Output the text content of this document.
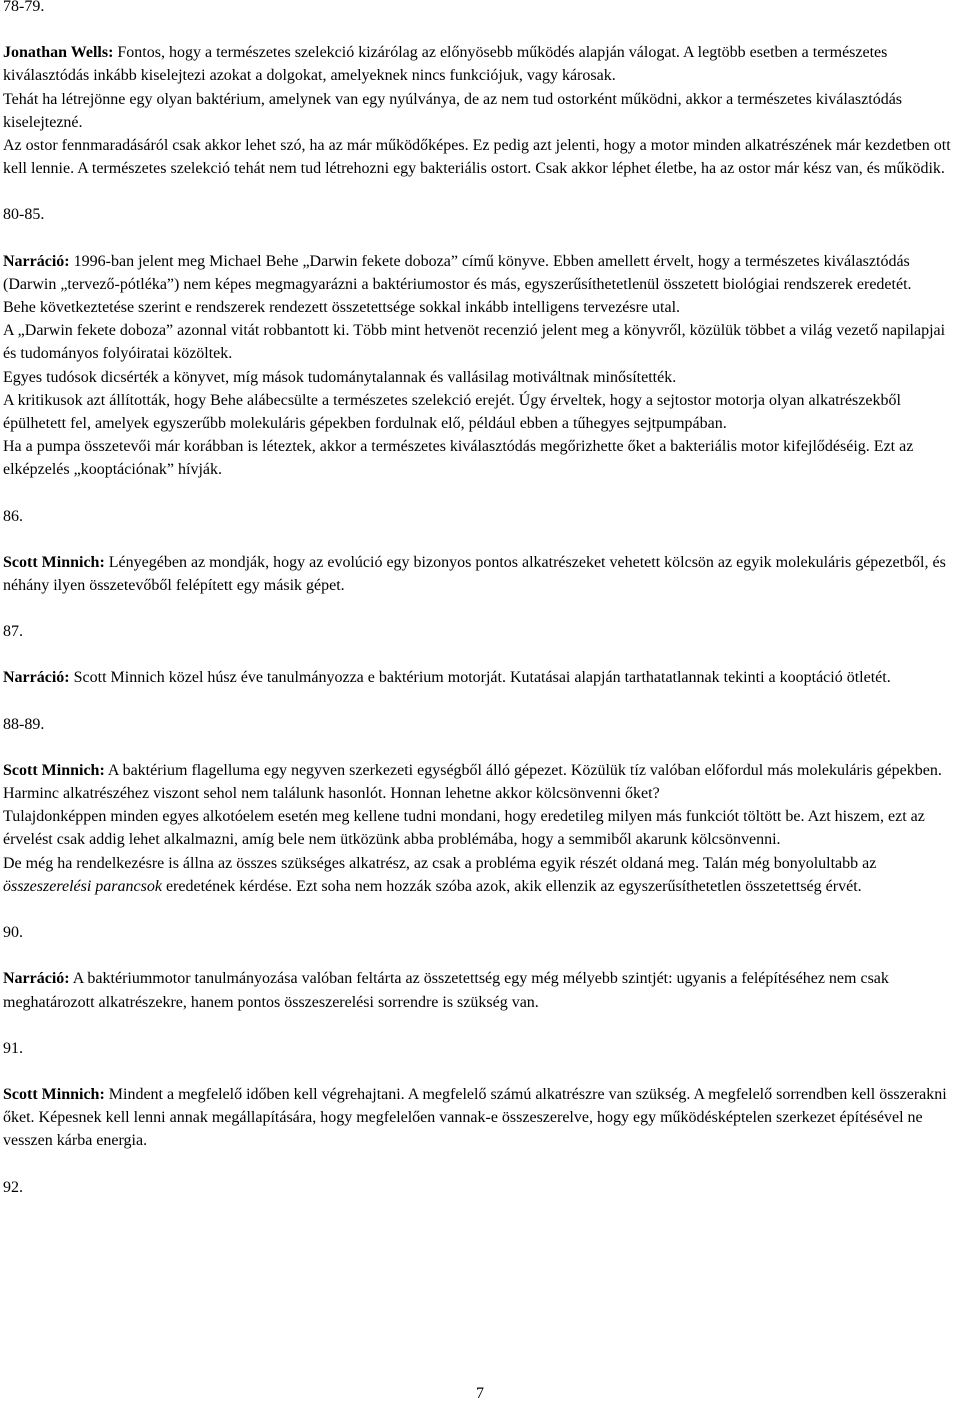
78-79.

Jonathan Wells: Fontos, hogy a természetes szelekció kizárólag az előnyösebb működés alapján válogat. A legtöbb esetben a természetes kiválasztódás inkább kiselejtezi azokat a dolgokat, amelyeknek nincs funkciójuk, vagy károsak.

Tehát ha létrejönne egy olyan baktérium, amelynek van egy nyúlványa, de az nem tud ostorként működni, akkor a természetes kiválasztódás kiselejtezné.

Az ostor fennmaradásáról csak akkor lehet szó, ha az már működőképes. Ez pedig azt jelenti, hogy a motor minden alkatrészének már kezdetben ott kell lennie. A természetes szelekció tehát nem tud létrehozni egy bakteriális ostort. Csak akkor léphet életbe, ha az ostor már kész van, és működik.

80-85.

Narráció: 1996-ban jelent meg Michael Behe „Darwin fekete doboza” című könyve. Ebben amellett érvelt, hogy a természetes kiválasztódás (Darwin „tervező-pótléka”) nem képes megmagyarázni a baktériumostor és más, egyszerűsíthetetlenül összetett biológiai rendszerek eredetét.

Behe következtetése szerint e rendszerek rendezett összetettsége sokkal inkább intelligens tervezésre utal.

A „Darwin fekete doboza” azonnal vitát robbantott ki. Több mint hetvenöt recenzió jelent meg a könyvről, közülük többet a világ vezető napilapjai és tudományos folyóiratai közöltek.

Egyes tudósok dicsérték a könyvet, míg mások tudománytalannak és vallásilag motiváltnak minősítették.

A kritikusok azt állították, hogy Behe alábecsülte a természetes szelekció erejét. Úgy érveltek, hogy a sejtostor motorja olyan alkatrészekből épülhetett fel, amelyek egyszerűbb molekuláris gépekben fordulnak elő, például ebben a tűhegyes sejtpumpában.

Ha a pumpa összetevői már korábban is léteztek, akkor a természetes kiválasztódás megőrizhette őket a bakteriális motor kifejlődéséig. Ezt az elképzelés „kooptációnak” hívják.

86.

Scott Minnich: Lényegében az mondják, hogy az evolúció egy bizonyos pontos alkatrészeket vehetett kölcsön az egyik molekuláris gépezetből, és néhány ilyen összetevőből felépített egy másik gépet.

87.

Narráció: Scott Minnich közel húsz éve tanulmányozza e baktérium motorját. Kutatásai alapján tarthatatlannak tekinti a kooptáció ötletét.

88-89.

Scott Minnich: A baktérium flagelluma egy negyven szerkezeti egységből álló gépezet. Közülük tíz valóban előfordul más molekuláris gépekben. Harminc alkatrészéhez viszont sehol nem találunk hasonlót. Honnan lehetne akkor kölcsönvenni őket?

Tulajdonképpen minden egyes alkotóelem esetén meg kellene tudni mondani, hogy eredetileg milyen más funkciót töltött be. Azt hiszem, ezt az érvelést csak addig lehet alkalmazni, amíg bele nem ütközünk abba problémába, hogy a semmiből akarunk kölcsönvenni.

De még ha rendelkezésre is állna az összes szükséges alkatrész, az csak a probléma egyik részét oldaná meg. Talán még bonyolultabb az összeszerelési parancsok eredetének kérdése. Ezt soha nem hozzák szóba azok, akik ellenzik az egyszerűsíthetetlen összetettség érvét.

90.

Narráció: A baktériummotor tanulmányozása valóban feltárta az összetettség egy még mélyebb szintjét: ugyanis a felépítéséhez nem csak meghatározott alkatrészekre, hanem pontos összeszerelési sorrendre is szükség van.

91.

Scott Minnich: Mindent a megfelelő időben kell végrehajtani. A megfelelő számú alkatrészre van szükség. A megfelelő sorrendben kell összerakni őket. Képesnek kell lenni annak megállapítására, hogy megfelelően vannak-e összeszerelve, hogy egy működésképtelen szerkezet építésével ne vesszen kárba energia.

92.

7
